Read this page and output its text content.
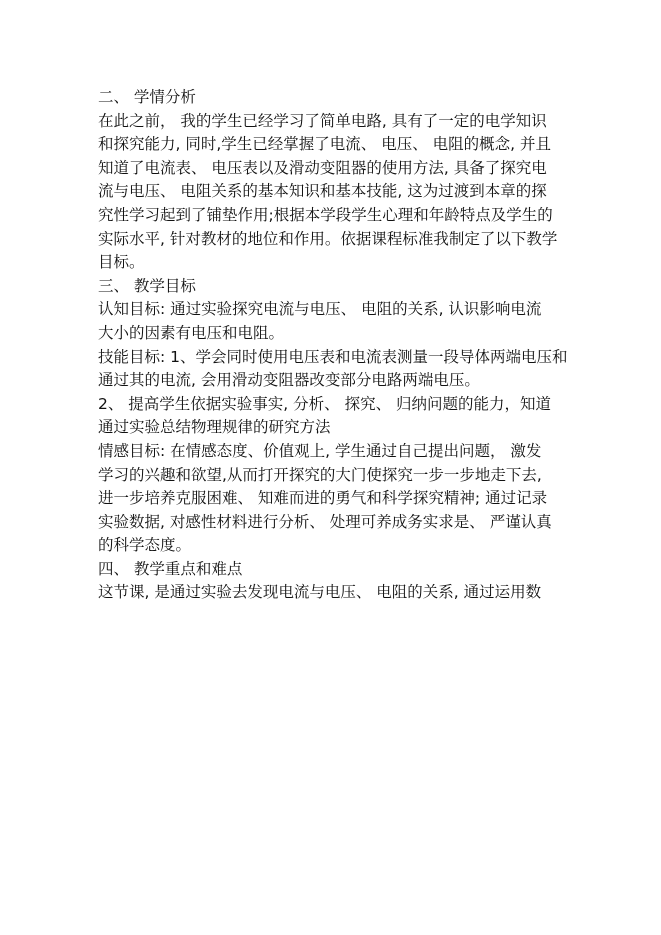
二、 学情分析
在此之前， 我的学生已经学习了简单电路, 具有了一定的电学知识
和探究能力, 同时,学生已经掌握了电流、 电压、 电阻的概念, 并且
知道了电流表、 电压表以及滑动变阻器的使用方法, 具备了探究电
流与电压、 电阻关系的基本知识和基本技能, 这为过渡到本章的探
究性学习起到了铺垫作用;根据本学段学生心理和年龄特点及学生的
实际水平, 针对教材的地位和作用。依据课程标准我制定了以下教学
目标。
三、 教学目标
认知目标: 通过实验探究电流与电压、 电阻的关系, 认识影响电流
大小的因素有电压和电阻。
技能目标: 1、学会同时使用电压表和电流表测量一段导体两端电压和
通过其的电流, 会用滑动变阻器改变部分电路两端电压。
2、 提高学生依据实验事实, 分析、 探究、 归纳问题的能力，知道
通过实验总结物理规律的研究方法
情感目标: 在情感态度、价值观上, 学生通过自己提出问题， 激发
学习的兴趣和欲望,从而打开探究的大门使探究一步一步地走下去,
进一步培养克服困难、 知难而进的勇气和科学探究精神; 通过记录
实验数据, 对感性材料进行分析、 处理可养成务实求是、 严谨认真
的科学态度。
四、 教学重点和难点
这节课, 是通过实验去发现电流与电压、 电阻的关系, 通过运用数
